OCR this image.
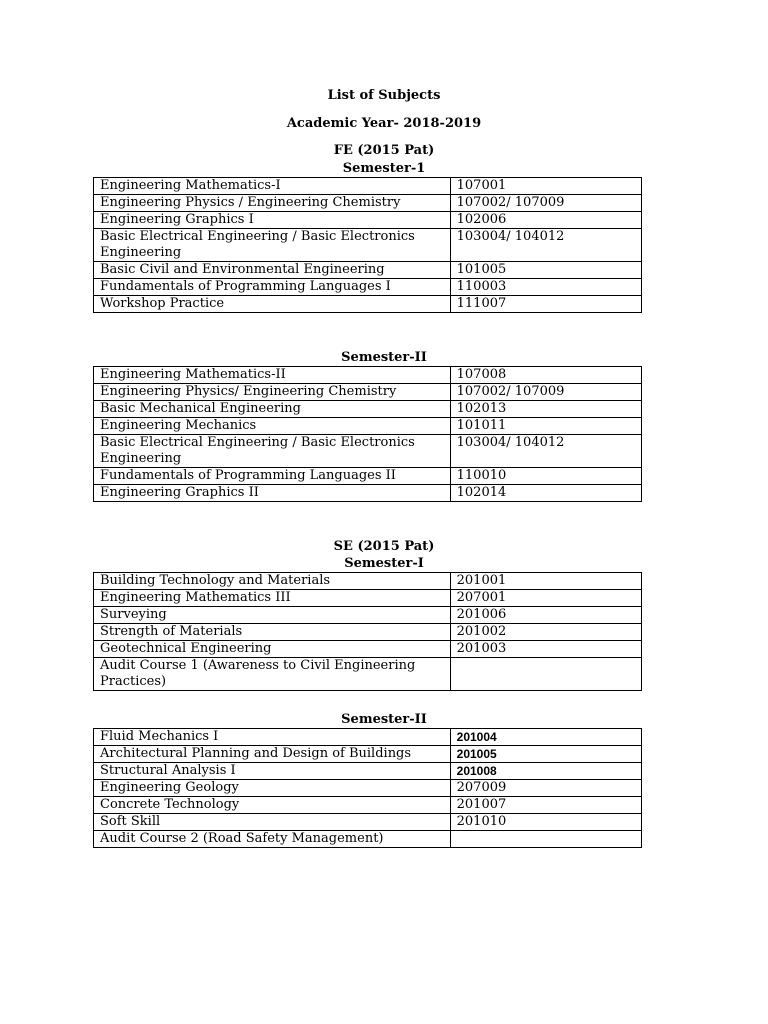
List of Subjects
Academic Year- 2018-2019
FE (2015 Pat)
Semester-1
Engineering Mathematics-I	107001
Engineering Physics / Engineering Chemistry	107002/ 107009
Engineering Graphics I	102006
Basic Electrical Engineering / Basic Electronics Engineering	103004/ 104012
Basic Civil and Environmental Engineering	101005
Fundamentals of Programming Languages I	110003
Workshop Practice	111007
Semester-II
Engineering Mathematics-II	107008
Engineering Physics/ Engineering Chemistry	107002/ 107009
Basic Mechanical Engineering	102013
Engineering Mechanics	101011
Basic Electrical Engineering / Basic Electronics Engineering	103004/ 104012
Fundamentals of Programming Languages II	110010
Engineering Graphics II	102014
SE (2015 Pat)
Semester-I
Building Technology and Materials	201001
Engineering Mathematics III	207001
Surveying	201006
Strength of Materials	201002
Geotechnical Engineering	201003
Audit Course 1 (Awareness to Civil Engineering Practices)	
Semester-II
Fluid Mechanics I	201004
Architectural Planning and Design of Buildings	201005
Structural Analysis I	201008
Engineering Geology	207009
Concrete Technology	201007
Soft Skill	201010
Audit Course 2 (Road Safety Management)	
